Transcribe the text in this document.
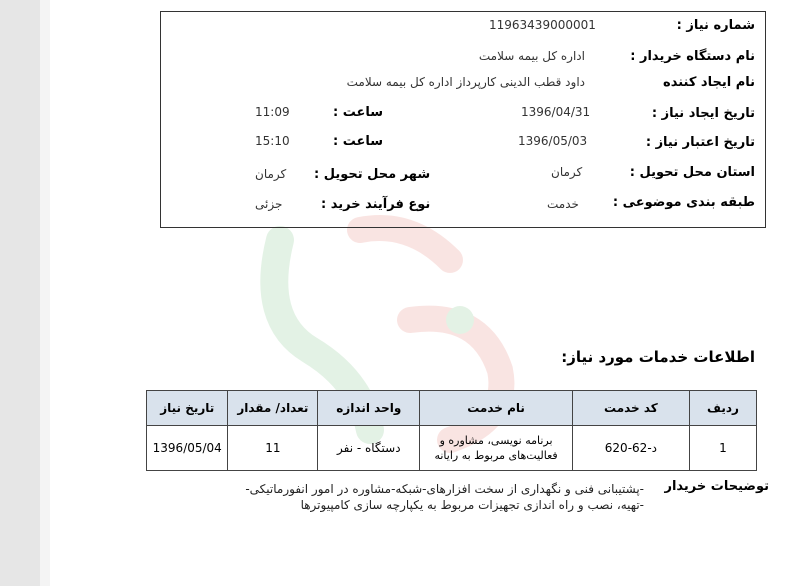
شماره نیاز :
1196343900000‌1
نام دستگاه خریدار :
اداره کل بیمه سلامت
نام ایجاد کننده
داود قطب الدینی کارپرداز اداره کل بیمه سلامت
تاریخ ایجاد نیاز :
1396/04/31
ساعت :
11:09
تاریخ اعتبار نیاز :
1396/05/03
ساعت :
15:10
استان محل تحویل :
کرمان
شهر محل تحویل :
کرمان
طبقه بندی موضوعی :
خدمت
نوع فرآیند خرید :
جزئی
اطلاعات خدمات مورد نیاز:
ردیف	کد خدمت	نام خدمت	واحد اندازه	تعداد/ مقدار	تاریخ نیاز
1	د-62-620	برنامه نویسی، مشاوره و فعالیت‌های مربوط به رایانه	دستگاه - نفر	11	1396/05/04
توضیحات خریدار
-پشتیبانی فنی و نگهداری از سخت افزارهای-شبکه-مشاوره در امور انفورماتیکی-
-تهیه، نصب و راه اندازی تجهیزات مربوط به یکپارچه سازی کامپیوترها
